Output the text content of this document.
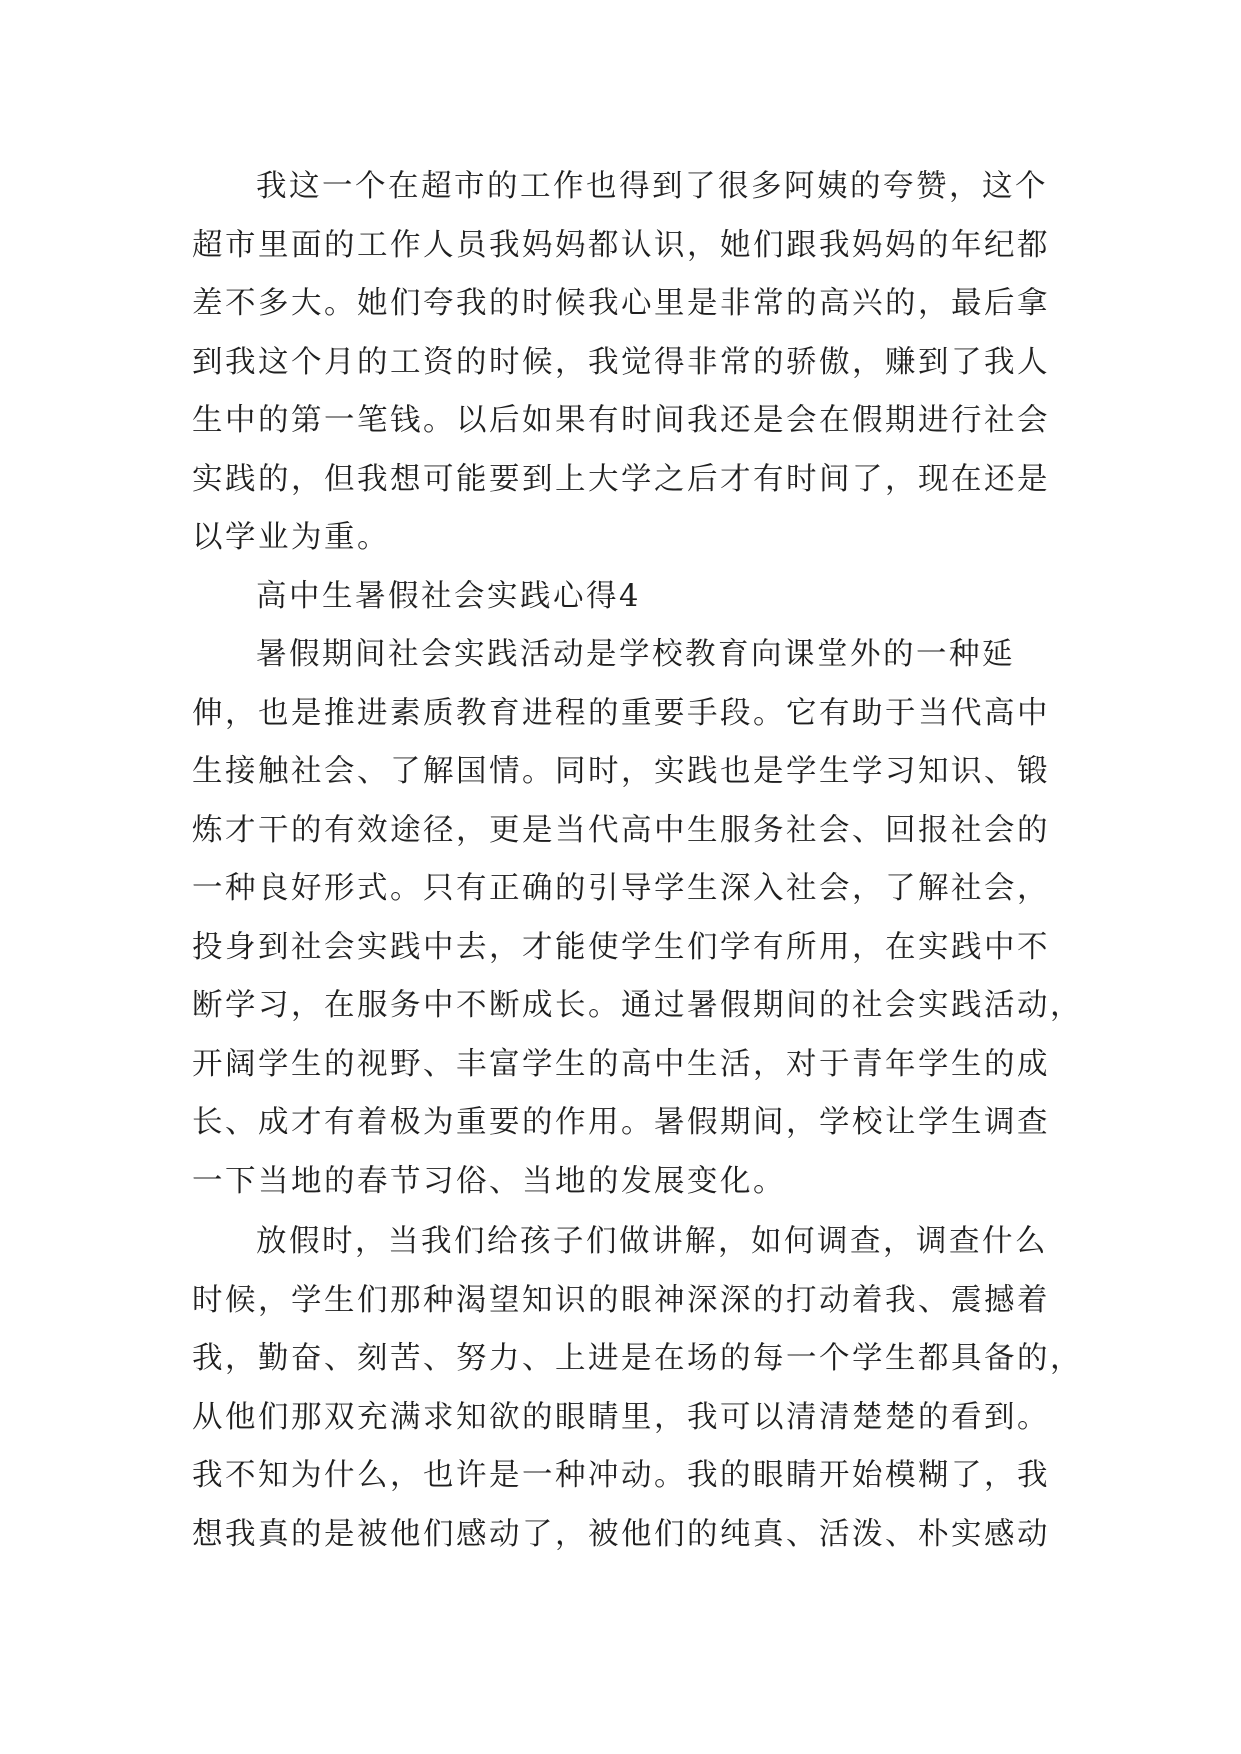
我这一个在超市的工作也得到了很多阿姨的夸赞，这个
超市里面的工作人员我妈妈都认识，她们跟我妈妈的年纪都
差不多大。她们夸我的时候我心里是非常的高兴的，最后拿
到我这个月的工资的时候，我觉得非常的骄傲，赚到了我人
生中的第一笔钱。以后如果有时间我还是会在假期进行社会
实践的，但我想可能要到上大学之后才有时间了，现在还是
以学业为重。
高中生暑假社会实践心得4
暑假期间社会实践活动是学校教育向课堂外的一种延
伸，也是推进素质教育进程的重要手段。它有助于当代高中
生接触社会、了解国情。同时，实践也是学生学习知识、锻
炼才干的有效途径，更是当代高中生服务社会、回报社会的
一种良好形式。只有正确的引导学生深入社会，了解社会，
投身到社会实践中去，才能使学生们学有所用，在实践中不
断学习，在服务中不断成长。通过暑假期间的社会实践活动，
开阔学生的视野、丰富学生的高中生活，对于青年学生的成
长、成才有着极为重要的作用。暑假期间，学校让学生调查
一下当地的春节习俗、当地的发展变化。
放假时，当我们给孩子们做讲解，如何调查，调查什么
时候，学生们那种渴望知识的眼神深深的打动着我、震撼着
我，勤奋、刻苦、努力、上进是在场的每一个学生都具备的，
从他们那双充满求知欲的眼睛里，我可以清清楚楚的看到。
我不知为什么，也许是一种冲动。我的眼睛开始模糊了，我
想我真的是被他们感动了，被他们的纯真、活泼、朴实感动
